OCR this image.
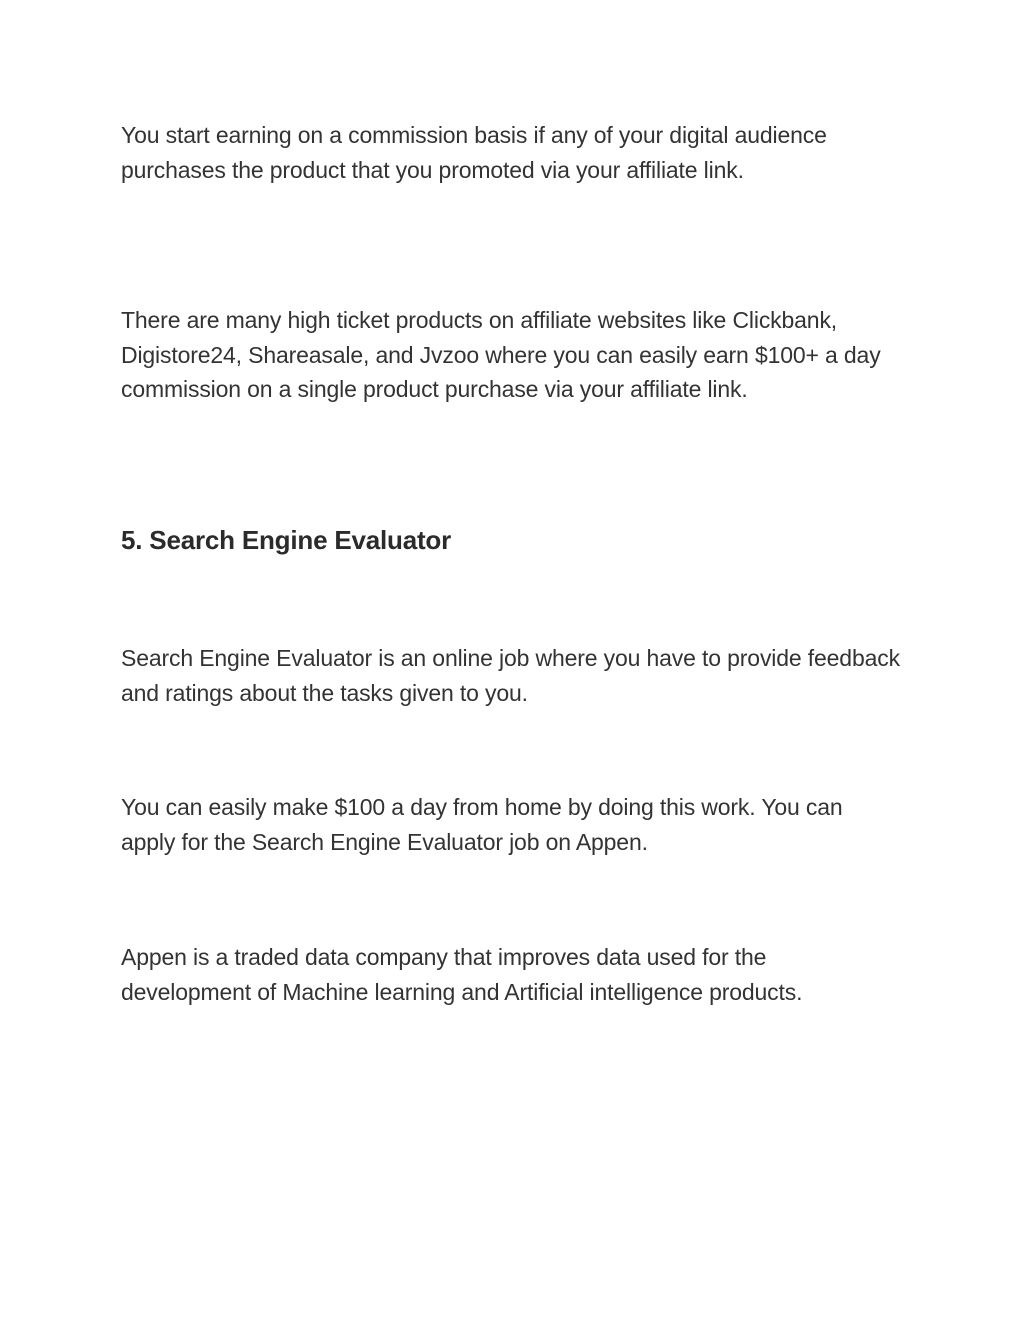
You start earning on a commission basis if any of your digital audience purchases the product that you promoted via your affiliate link.

There are many high ticket products on affiliate websites like Clickbank, Digistore24, Shareasale, and Jvzoo where you can easily earn $100+ a day commission on a single product purchase via your affiliate link.

5. Search Engine Evaluator

Search Engine Evaluator is an online job where you have to provide feedback and ratings about the tasks given to you.

You can easily make $100 a day from home by doing this work. You can apply for the Search Engine Evaluator job on Appen.

Appen is a traded data company that improves data used for the development of Machine learning and Artificial intelligence products.
